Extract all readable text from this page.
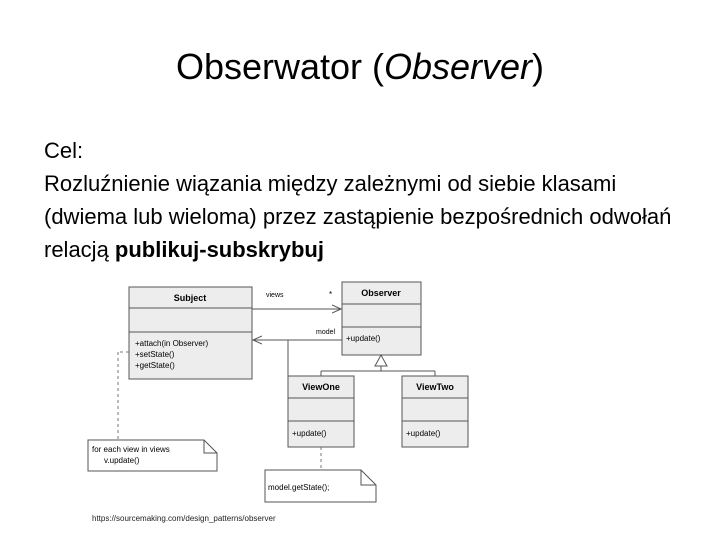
Obserwator (Observer)
Cel:
Rozluźnienie wiązania między zależnymi od siebie klasami (dwiema lub wieloma) przez zastąpienie bezpośrednich odwołań relacją publikuj-subskrybuj
Subject
+attach(in Observer)
+setState()
+getState()
Observer
+update()
ViewOne
+update()
ViewTwo
+update()
views	*
model
for each view in views
v.update()
model.getState();
https://sourcemaking.com/design_patterns/observer
